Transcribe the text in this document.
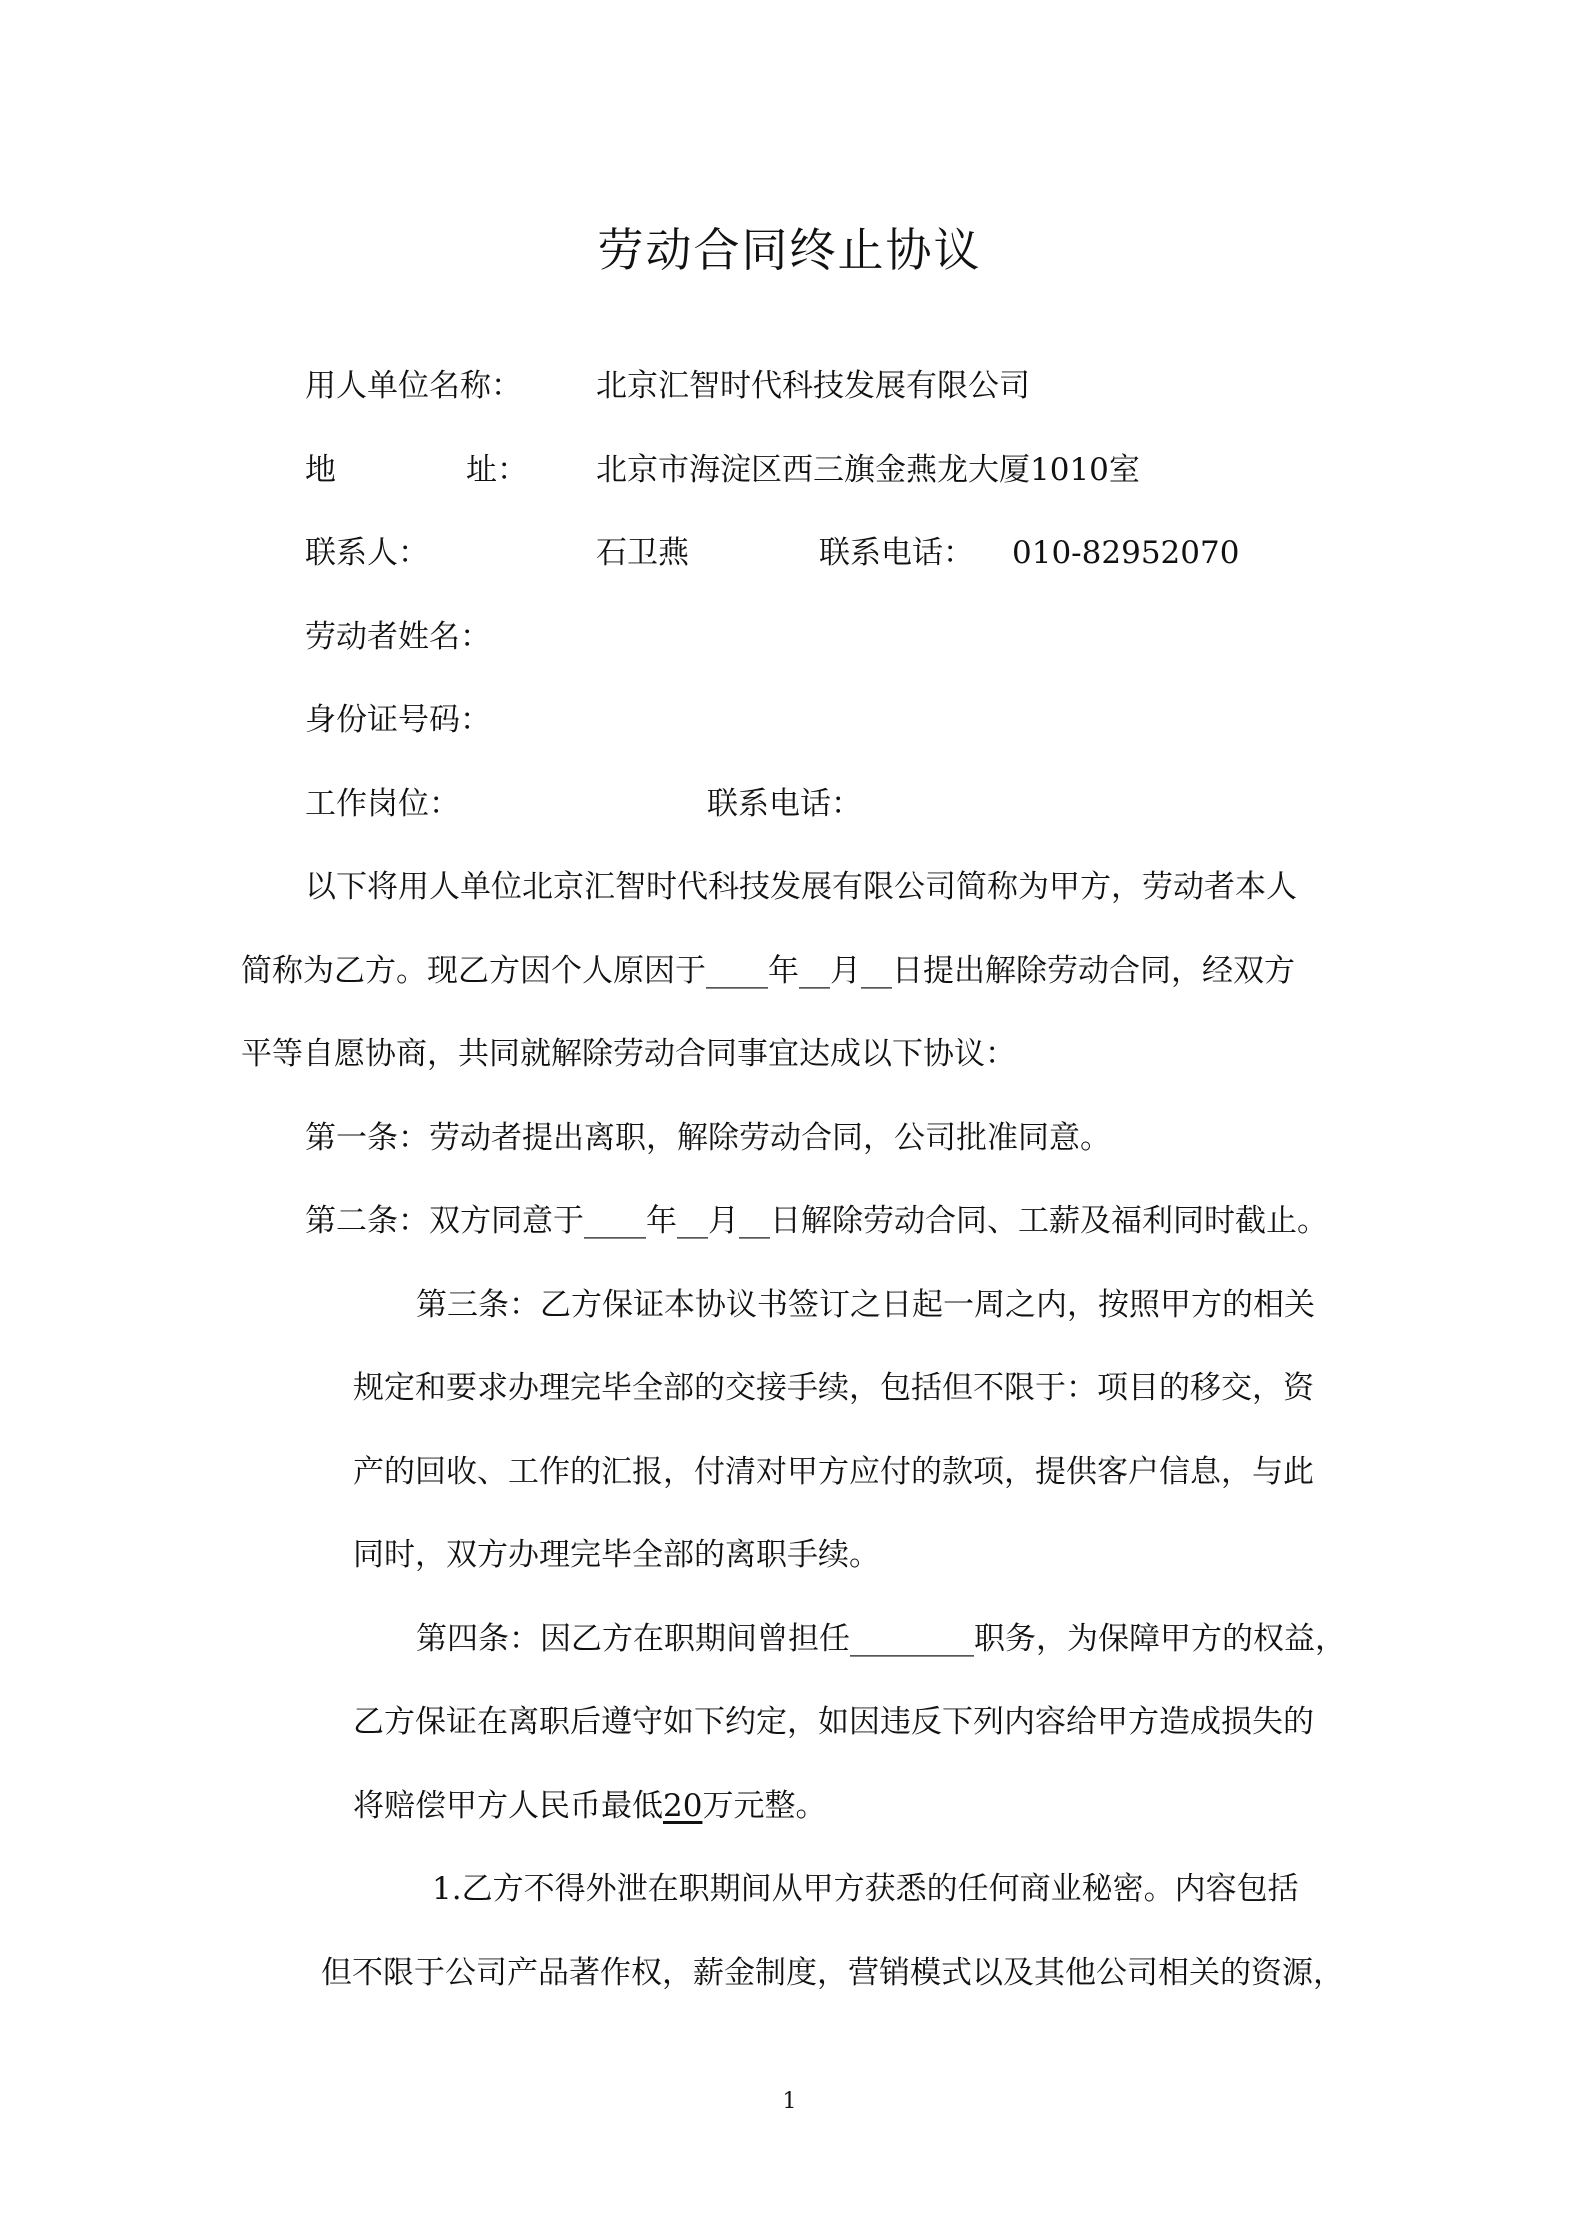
劳动合同终止协议
用人单位名称： 北京汇智时代科技发展有限公司
地	址： 北京市海淀区西三旗金燕龙大厦1010室
联系人：	石卫燕	联系电话： 010-82952070
劳动者姓名：
身份证号码：
工作岗位：	联系电话：
以下将用人单位北京汇智时代科技发展有限公司简称为甲方，劳动者本人
简称为乙方。现乙方因个人原因于____年__月__日提出解除劳动合同，经双方
平等自愿协商，共同就解除劳动合同事宜达成以下协议：
第一条：劳动者提出离职，解除劳动合同，公司批准同意。
第二条：双方同意于____年__月__日解除劳动合同、工薪及福利同时截止。
第三条：乙方保证本协议书签订之日起一周之内，按照甲方的相关
规定和要求办理完毕全部的交接手续，包括但不限于：项目的移交，资
产的回收、工作的汇报，付清对甲方应付的款项，提供客户信息，与此
同时，双方办理完毕全部的离职手续。
第四条：因乙方在职期间曾担任________职务，为保障甲方的权益，
乙方保证在离职后遵守如下约定，如因违反下列内容给甲方造成损失的
将赔偿甲方人民币最低20万元整。
1.乙方不得外泄在职期间从甲方获悉的任何商业秘密。内容包括
但不限于公司产品著作权，薪金制度，营销模式以及其他公司相关的资源，
1
